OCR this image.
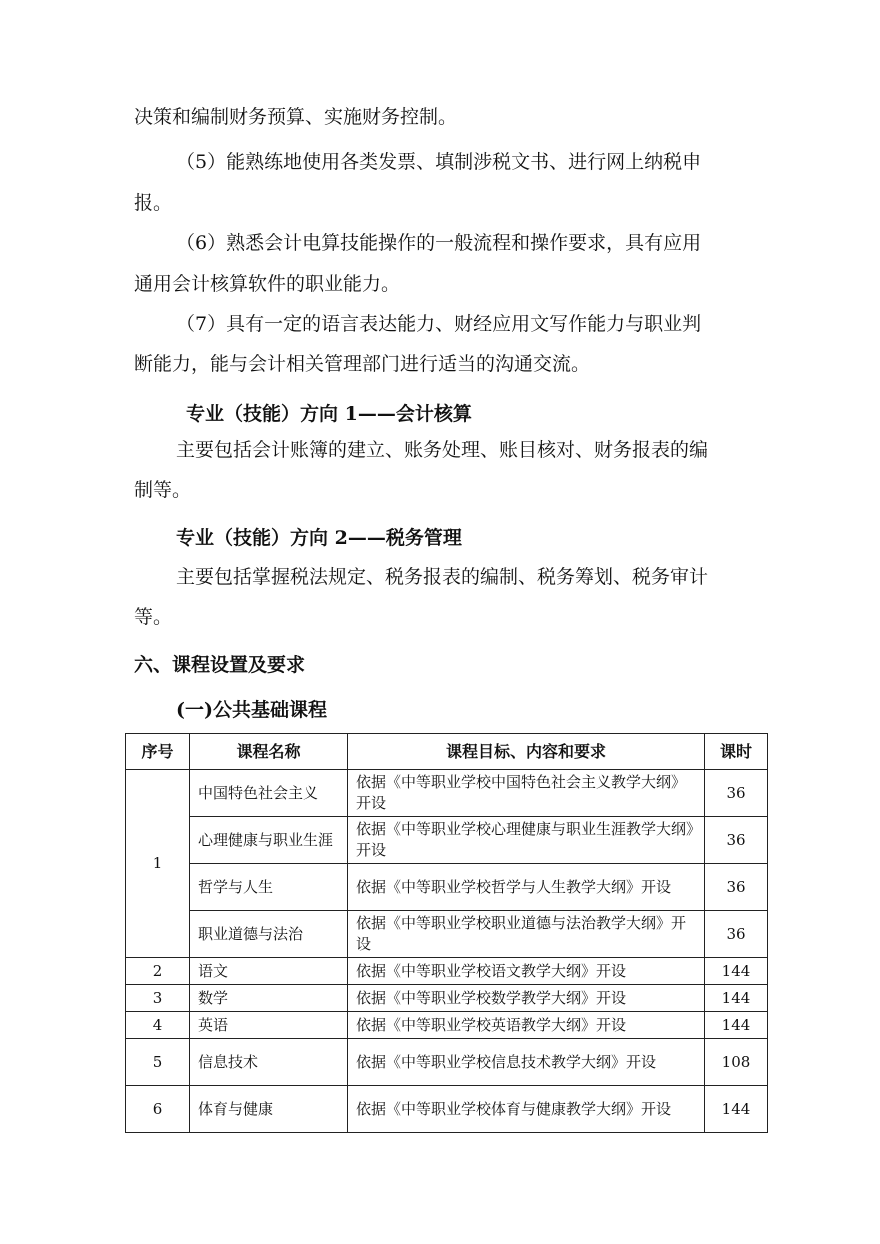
决策和编制财务预算、实施财务控制。

（5）能熟练地使用各类发票、填制涉税文书、进行网上纳税申

报。

（6）熟悉会计电算技能操作的一般流程和操作要求，具有应用

通用会计核算软件的职业能力。

（7）具有一定的语言表达能力、财经应用文写作能力与职业判

断能力，能与会计相关管理部门进行适当的沟通交流。

专业（技能）方向 1——会计核算

主要包括会计账簿的建立、账务处理、账目核对、财务报表的编

制等。

专业（技能）方向 2——税务管理

主要包括掌握税法规定、税务报表的编制、税务筹划、税务审计

等。

六、课程设置及要求

(一)公共基础课程

序号	课程名称	课程目标、内容和要求	课时
1	中国特色社会主义	依据《中等职业学校中国特色社会主义教学大纲》开设	36
	心理健康与职业生涯	依据《中等职业学校心理健康与职业生涯教学大纲》开设	36
	哲学与人生	依据《中等职业学校哲学与人生教学大纲》开设	36
	职业道德与法治	依据《中等职业学校职业道德与法治教学大纲》开设	36
2	语文	依据《中等职业学校语文教学大纲》开设	144
3	数学	依据《中等职业学校数学教学大纲》开设	144
4	英语	依据《中等职业学校英语教学大纲》开设	144
5	信息技术	依据《中等职业学校信息技术教学大纲》开设	108
6	体育与健康	依据《中等职业学校体育与健康教学大纲》开设	144
